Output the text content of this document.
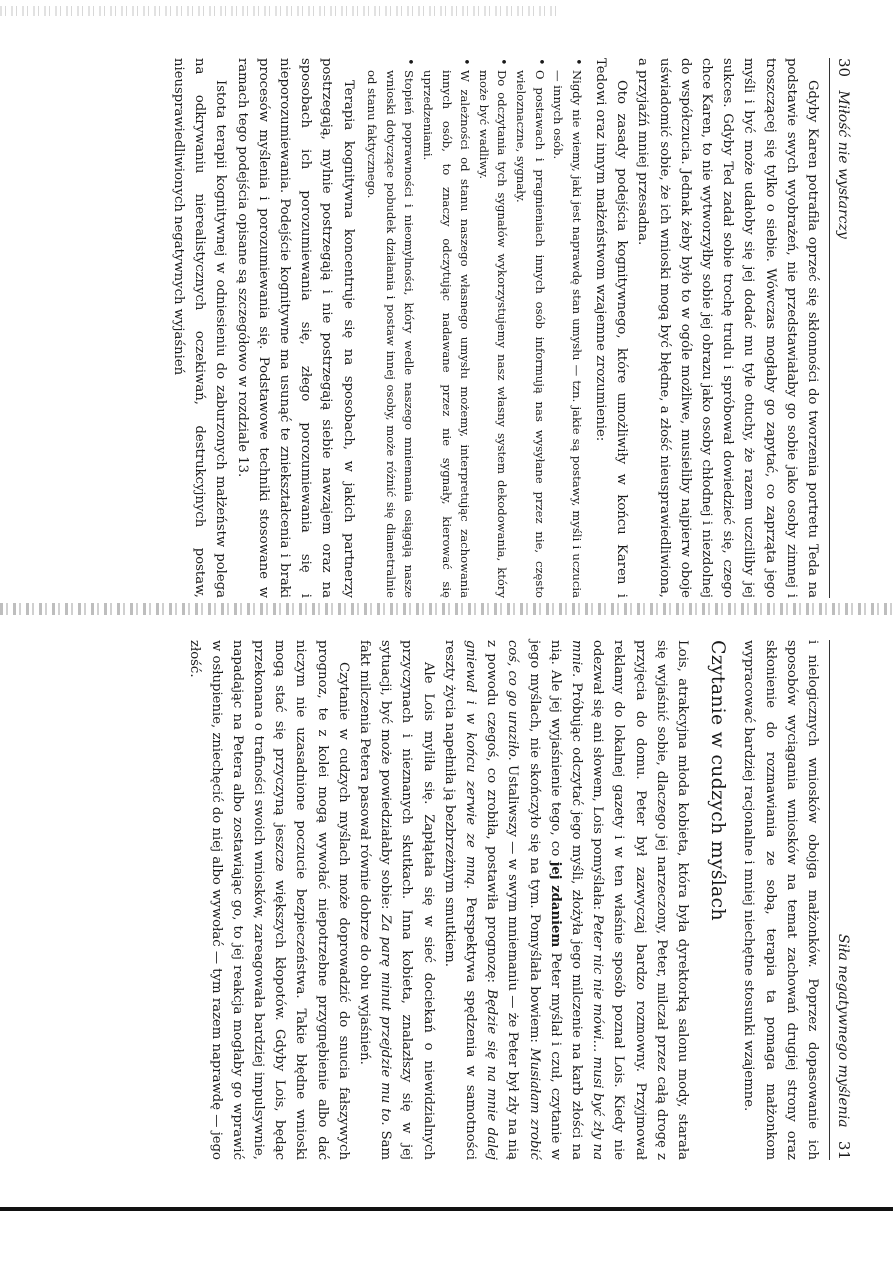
30   Miłość nie wystarczy

Gdyby Karen potrafiła oprzeć się skłonności do tworzenia portretu Teda na podstawie swych wyobrażeń, nie przedstawiałaby go sobie jako osoby zimnej i troszczącej się tylko o siebie. Wówczas mogłaby go zapytać, co zaprząta jego myśli i być może udałoby się jej dodać mu tyle otuchy, że razem uczciliby jej sukces. Gdyby Ted zadał sobie trochę trudu i spróbował dowiedzieć się, czego chce Karen, to nie wytworzyłby sobie jej obrazu jako osoby chłodnej i niezdolnej do współczucia. Jednak żeby było to w ogóle możliwe, musieliby najpierw oboje uświadomić sobie, że ich wnioski mogą być błędne, a złość nieusprawiedliwiona, a przyjaźń mniej przesadna.

Oto zasady podejścia kognitywnego, które umożliwiły w końcu Karen i Tedowi oraz innym małżeństwom wzajemne zrozumienie:

• Nigdy nie wiemy, jaki jest naprawdę stan umysłu — tzn. jakie są postawy, myśli i uczucia — innych osób.
• O postawach i pragnieniach innych osób informują nas wysyłane przez nie, często wieloznaczne, sygnały.
• Do odczytania tych sygnałów wykorzystujemy nasz własny system dekodowania, który może być wadliwy.
• W zależności od stanu naszego własnego umysłu możemy, interpretując zachowania innych osób, to znaczy odczytując nadawane przez nie sygnały, kierować się uprzedzeniami.
• Stopień poprawności i nieomylności, który wedle naszego mniemania osiągają nasze wnioski dotyczące pobudek działania i postaw innej osoby, może różnić się diametralnie od stanu faktycznego.

Terapia kognitywna koncentruje się na sposobach, w jakich partnerzy postrzegają, mylnie postrzegają i nie postrzegają siebie nawzajem oraz na sposobach ich porozumiewania się, złego porozumiewania się i nieporozumiewania. Podejście kognitywne ma usunąć te zniekształcenia i braki procesów myślenia i porozumiewania się. Podstawowe techniki stosowane w ramach tego podejścia opisane są szczegółowo w rozdziale 13.

Istota terapii kognitywnej w odniesieniu do zaburzonych małżeństw polega na odkrywaniu nierealistycznych oczekiwań, destrukcyjnych postaw, nieusprawiedliwionych negatywnych wyjaśnień

Siła negatywnego myślenia   31

i nielogicznych wniosków obojga małżonków. Poprzez dopasowanie ich sposobów wyciągania wniosków na temat zachowań drugiej strony oraz skłonienie do rozmawiania ze sobą, terapia ta pomaga małżonkom wypracować bardziej racjonalne i mniej niechętne stosunki wzajemne.

Czytanie w cudzych myślach

Lois, atrakcyjna młoda kobieta, która była dyrektorką salonu mody, starała się wyjaśnić sobie, dlaczego jej narzeczony, Peter, milczał przez całą drogę z przyjęcia do domu. Peter był zazwyczaj bardzo rozmowny. Przyjmował reklamy do lokalnej gazety i w ten właśnie sposób poznał Lois. Kiedy nie odezwał się ani słowem, Lois pomyślała: Peter nic nie mówi... musi być zły na mnie. Próbując odczytać jego myśli, złożyła jego milczenie na karb złości na nią. Ale jej wyjaśnienie tego, co jej zdaniem Peter myślał i czuł, czytanie w jego myślach, nie skończyło się na tym. Pomyślała bowiem: Musiałam zrobić coś, co go uraziło. Ustaliwszy — w swym mniemaniu — że Peter był zły na nią z powodu czegoś, co zrobiła, postawiła prognozę: Będzie się na mnie dalej gniewał i w końcu zerwie ze mną. Perspektywa spędzenia w samotności reszty życia napełniła ją bezbrzeżnym smutkiem.

Ale Lois myliła się. Zapłątała się w sieć dociekań o niewidzialnych przyczynach i nieznanych skutkach. Inna kobieta, znalazłszy się w jej sytuacji, być może powiedziałaby sobie: Za parę minut przejdzie mu to. Sam fakt milczenia Petera pasował równie dobrze do obu wyjaśnień.

Czytanie w cudzych myślach może doprowadzić do snucia fałszywych prognoz, te z kolei mogą wywołać niepotrzebne przygnębienie albo dać niczym nie uzasadnione poczucie bezpieczeństwa. Takie błędne wnioski mogą stać się przyczyną jeszcze większych kłopotów. Gdyby Lois, będąc przekonana o trafności swoich wniosków, zareagowała bardziej impulsywnie, napadając na Petera albo zostawiając go, to jej reakcja mogłaby go wprawić w osłupienie, zniechęcić do niej albo wywołać — tym razem naprawdę — jego złość.
